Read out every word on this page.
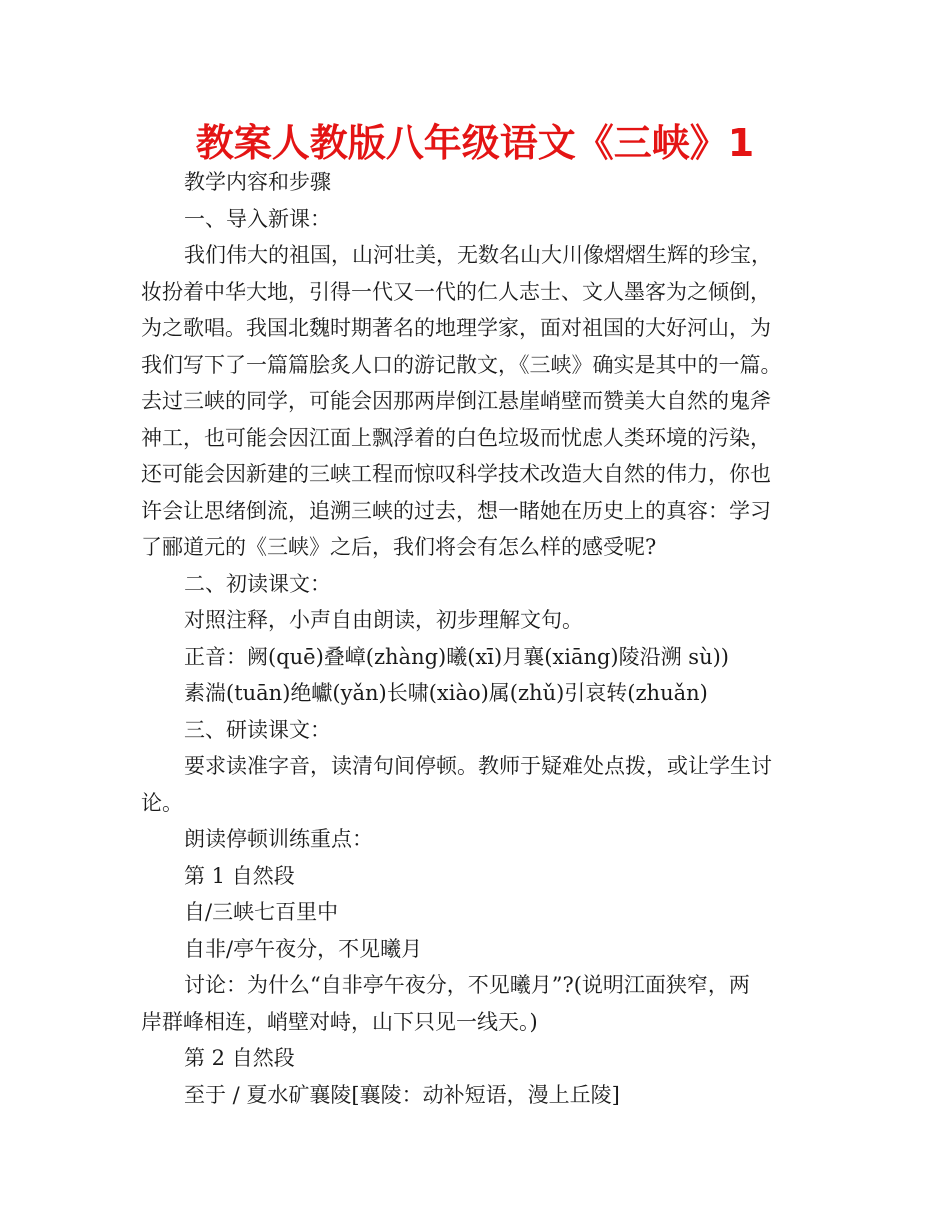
教案人教版八年级语文《三峡》1

教学内容和步骤

一、导入新课：

我们伟大的祖国，山河壮美，无数名山大川像熠熠生辉的珍宝，

妆扮着中华大地，引得一代又一代的仁人志士、文人墨客为之倾倒，

为之歌唱。我国北魏时期著名的地理学家，面对祖国的大好河山，为

我们写下了一篇篇脍炙人口的游记散文，《三峡》确实是其中的一篇。

去过三峡的同学，可能会因那两岸倒江悬崖峭壁而赞美大自然的鬼斧

神工，也可能会因江面上飘浮着的白色垃圾而忧虑人类环境的污染，

还可能会因新建的三峡工程而惊叹科学技术改造大自然的伟力，你也

许会让思绪倒流，追溯三峡的过去，想一睹她在历史上的真容：学习

了郦道元的《三峡》之后，我们将会有怎么样的感受呢?

二、初读课文：

对照注释，小声自由朗读，初步理解文句。

正音：阙(quē)叠嶂(zhàng)曦(xī)月襄(xiāng)陵沿溯 sù))

素湍(tuān)绝巘(yǎn)长啸(xiào)属(zhǔ)引哀转(zhuǎn)

三、研读课文：

要求读准字音，读清句间停顿。教师于疑难处点拨，或让学生讨

论。

朗读停顿训练重点：

第 1 自然段

自/三峡七百里中

自非/亭午夜分，不见曦月

讨论：为什么“自非亭午夜分，不见曦月”?(说明江面狭窄，两

岸群峰相连，峭壁对峙，山下只见一线天。)

第 2 自然段

至于 / 夏水矿襄陵[襄陵：动补短语，漫上丘陵]
